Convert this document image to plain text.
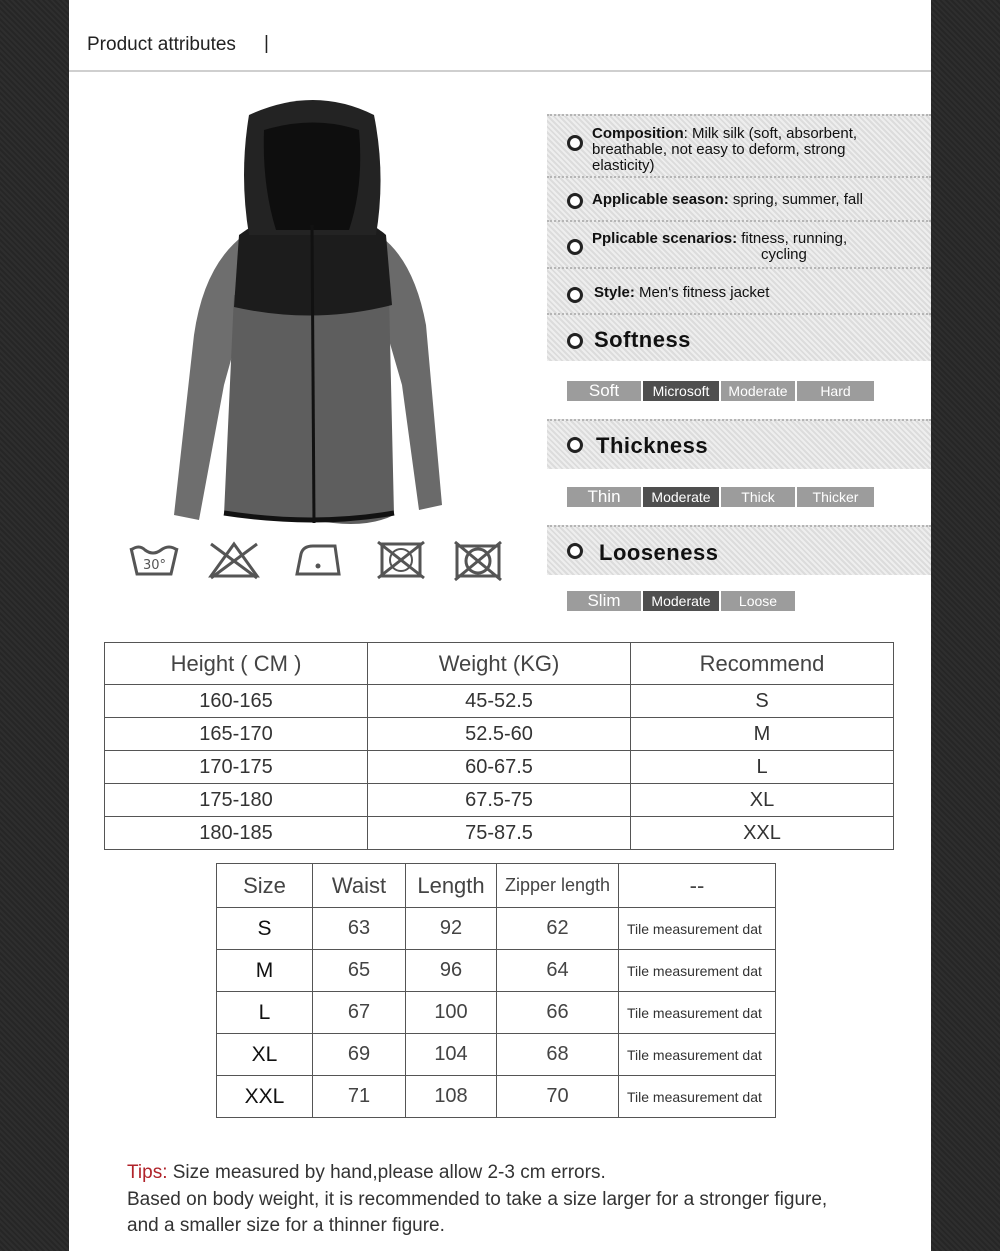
Product attributes |
30°
Composition: Milk silk (soft, absorbent,
breathable, not easy to deform, strong
elasticity)
Applicable season: spring, summer, fall
Pplicable scenarios: fitness, running,
cycling
Style: Men's fitness jacket
Softness
Soft	Microsoft	Moderate	Hard
Thickness
Thin	Moderate	Thick	Thicker
Looseness
Slim	Moderate	Loose
Height ( CM )	Weight (KG)	Recommend
160-165	45-52.5	S
165-170	52.5-60	M
170-175	60-67.5	L
175-180	67.5-75	XL
180-185	75-87.5	XXL
Size	Waist	Length	Zipper length	--
S	63	92	62	Tile measurement dat
M	65	96	64	Tile measurement dat
L	67	100	66	Tile measurement dat
XL	69	104	68	Tile measurement dat
XXL	71	108	70	Tile measurement dat
Tips: Size measured by hand,please allow 2-3 cm errors.
Based on body weight, it is recommended to take a size larger for a stronger figure,
and a smaller size for a thinner figure.
